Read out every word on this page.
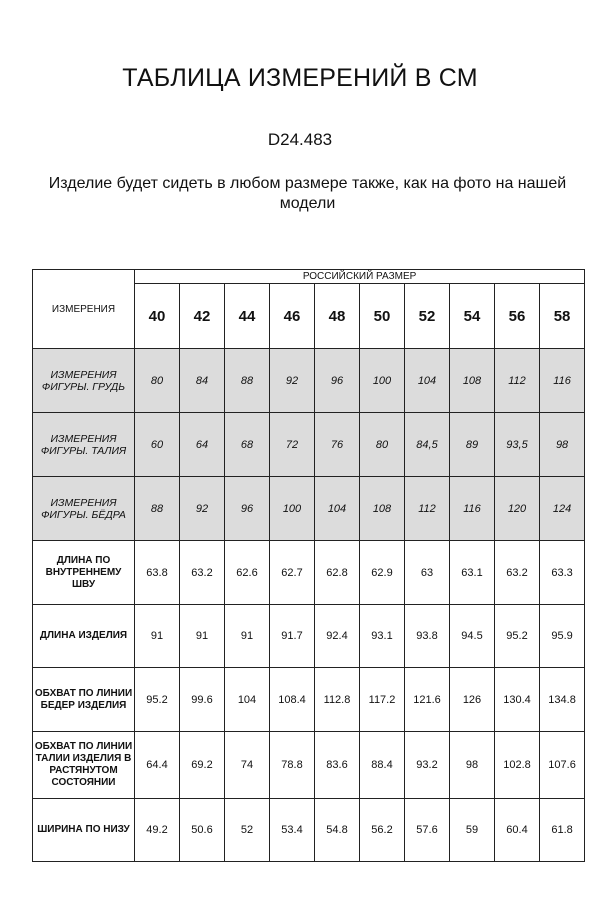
ТАБЛИЦА ИЗМЕРЕНИЙ В СМ
D24.483
Изделие будет сидеть в любом размере также, как на фото на нашей модели
ИЗМЕРЕНИЯ	РОССИЙСКИЙ РАЗМЕР									
	40	42	44	46	48	50	52	54	56	58
ИЗМЕРЕНИЯ ФИГУРЫ. ГРУДЬ	80	84	88	92	96	100	104	108	112	116
ИЗМЕРЕНИЯ ФИГУРЫ. ТАЛИЯ	60	64	68	72	76	80	84,5	89	93,5	98
ИЗМЕРЕНИЯ ФИГУРЫ. БЁДРА	88	92	96	100	104	108	112	116	120	124
ДЛИНА ПО ВНУТРЕННЕМУ ШВУ	63.8	63.2	62.6	62.7	62.8	62.9	63	63.1	63.2	63.3
ДЛИНА ИЗДЕЛИЯ	91	91	91	91.7	92.4	93.1	93.8	94.5	95.2	95.9
ОБХВАТ ПО ЛИНИИ БЕДЕР ИЗДЕЛИЯ	95.2	99.6	104	108.4	112.8	117.2	121.6	126	130.4	134.8
ОБХВАТ ПО ЛИНИИ ТАЛИИ ИЗДЕЛИЯ В РАСТЯНУТОМ СОСТОЯНИИ	64.4	69.2	74	78.8	83.6	88.4	93.2	98	102.8	107.6
ШИРИНА ПО НИЗУ	49.2	50.6	52	53.4	54.8	56.2	57.6	59	60.4	61.8
